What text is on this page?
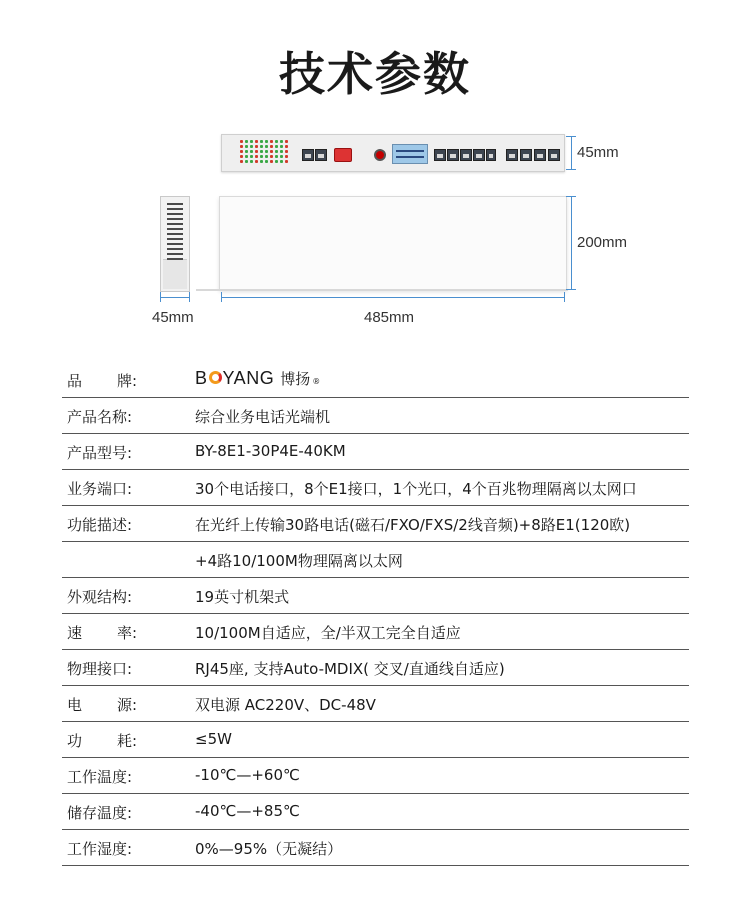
技术参数
45mm
200mm
45mm	485mm
品 牌:	B YANG 博扬 ®
产品名称:	综合业务电话光端机
产品型号:	BY-8E1-30P4E-40KM
业务端口:	30个电话接口，8个E1接口，1个光口，4个百兆物理隔离以太网口
功能描述:	在光纤上传输30路电话(磁石/FXO/FXS/2线音频)+8路E1(120欧)
+4路10/100M物理隔离以太网
外观结构:	19英寸机架式
速 率:	10/100M自适应，全/半双工完全自适应
物理接口:	RJ45座, 支持Auto-MDIX( 交叉/直通线自适应)
电 源:	双电源 AC220V、DC-48V
功 耗:	≤5W
工作温度:	-10℃—+60℃
储存温度:	-40℃—+85℃
工作湿度:	0%—95%（无凝结）
